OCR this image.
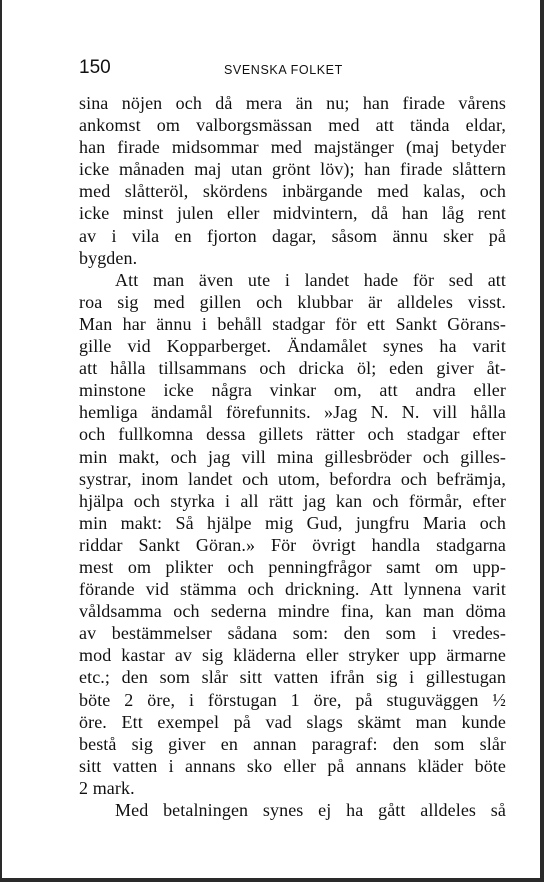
150	SVENSKA FOLKET
sina nöjen och då mera än nu; han firade vårens
ankomst om valborgsmässan med att tända eldar,
han firade midsommar med majstänger (maj betyder
icke månaden maj utan grönt löv); han firade slåttern
med slåtteröl, skördens inbärgande med kalas, och
icke minst julen eller midvintern, då han låg rent
av i vila en fjorton dagar, såsom ännu sker på
bygden.
Att man även ute i landet hade för sed att
roa sig med gillen och klubbar är alldeles visst.
Man har ännu i behåll stadgar för ett Sankt Görans-
gille vid Kopparberget. Ändamålet synes ha varit
att hålla tillsammans och dricka öl; eden giver åt-
minstone icke några vinkar om, att andra eller
hemliga ändamål förefunnits. »Jag N. N. vill hålla
och fullkomna dessa gillets rätter och stadgar efter
min makt, och jag vill mina gillesbröder och gilles-
systrar, inom landet och utom, befordra och befrämja,
hjälpa och styrka i all rätt jag kan och förmår, efter
min makt: Så hjälpe mig Gud, jungfru Maria och
riddar Sankt Göran.» För övrigt handla stadgarna
mest om plikter och penningfrågor samt om upp-
förande vid stämma och drickning. Att lynnena varit
våldsamma och sederna mindre fina, kan man döma
av bestämmelser sådana som: den som i vredes-
mod kastar av sig kläderna eller stryker upp ärmarne
etc.; den som slår sitt vatten ifrån sig i gillestugan
böte 2 öre, i förstugan 1 öre, på stuguväggen ½
öre. Ett exempel på vad slags skämt man kunde
bestå sig giver en annan paragraf: den som slår
sitt vatten i annans sko eller på annans kläder böte
2 mark.
Med betalningen synes ej ha gått alldeles så
